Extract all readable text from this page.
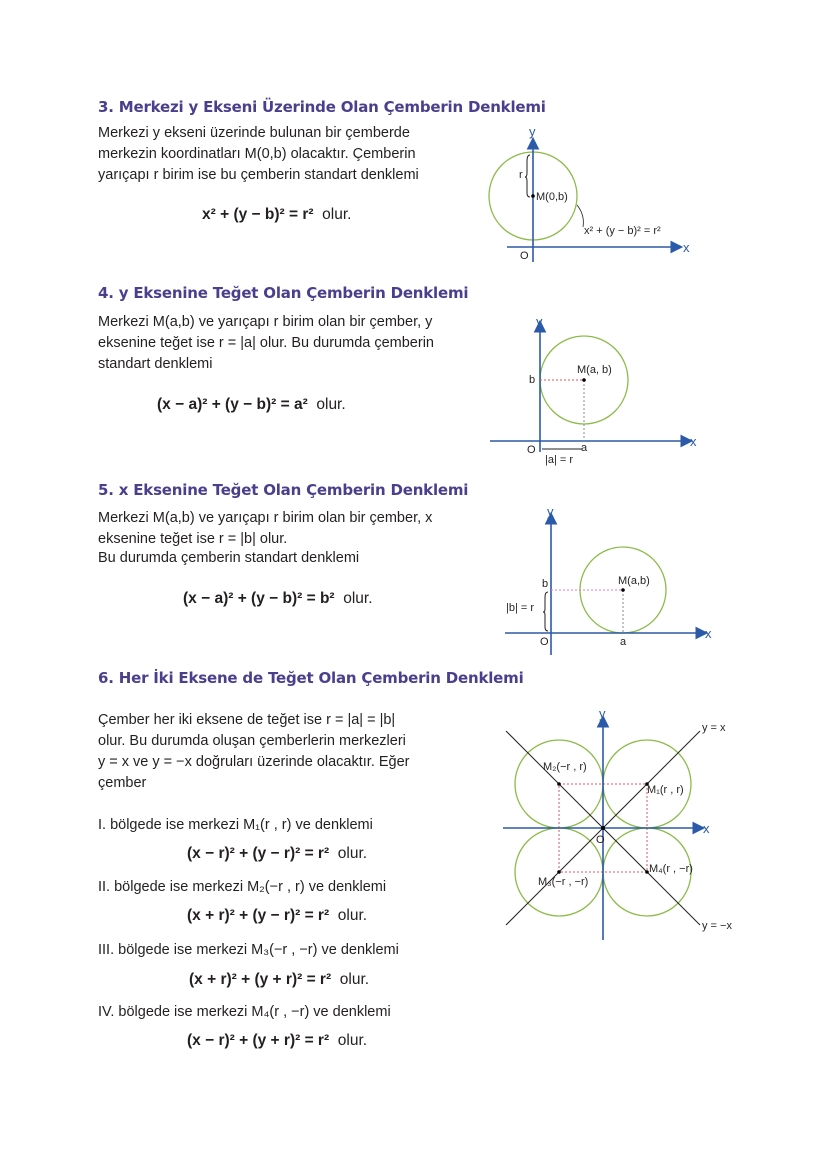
3. Merkezi y Ekseni Üzerinde Olan Çemberin Denklemi
Merkezi y ekseni üzerinde bulunan bir çemberde
merkezin koordinatları M(0,b) olacaktır. Çemberin
yarıçapı r birim ise bu çemberin standart denklemi
x² + (y − b)² = r² olur.
4. y Eksenine Teğet Olan Çemberin Denklemi
Merkezi M(a,b) ve yarıçapı r birim olan bir çember, y
eksenine teğet ise r = |a| olur. Bu durumda çemberin
standart denklemi
(x − a)² + (y − b)² = a² olur.
5. x Eksenine Teğet Olan Çemberin Denklemi
Merkezi M(a,b) ve yarıçapı r birim olan bir çember, x
eksenine teğet ise r = |b| olur.
Bu durumda çemberin standart denklemi
(x − a)² + (y − b)² = b² olur.
6. Her İki Eksene de Teğet Olan Çemberin Denklemi
Çember her iki eksene de teğet ise r = |a| = |b|
olur. Bu durumda oluşan çemberlerin merkezleri
y = x ve y = −x doğruları üzerinde olacaktır. Eğer
çember
I. bölgede ise merkezi M₁(r , r) ve denklemi
(x − r)² + (y − r)² = r² olur.
II. bölgede ise merkezi M₂(−r , r) ve denklemi
(x + r)² + (y − r)² = r² olur.
III. bölgede ise merkezi M₃(−r , −r) ve denklemi
(x + r)² + (y + r)² = r² olur.
IV. bölgede ise merkezi M₄(r , −r) ve denklemi
(x − r)² + (y + r)² = r² olur.
y
x
O
r
M(0,b)
x² + (y − b)² = r²
y
x
O
b
a
M(a, b)
|a| = r
y
x
O
b
a
M(a,b)
|b| = r
y
x
O
M₁(r , r)
M₂(−r , r)
M₃(−r , −r)
M₄(r , −r)
y = x
y = −x
